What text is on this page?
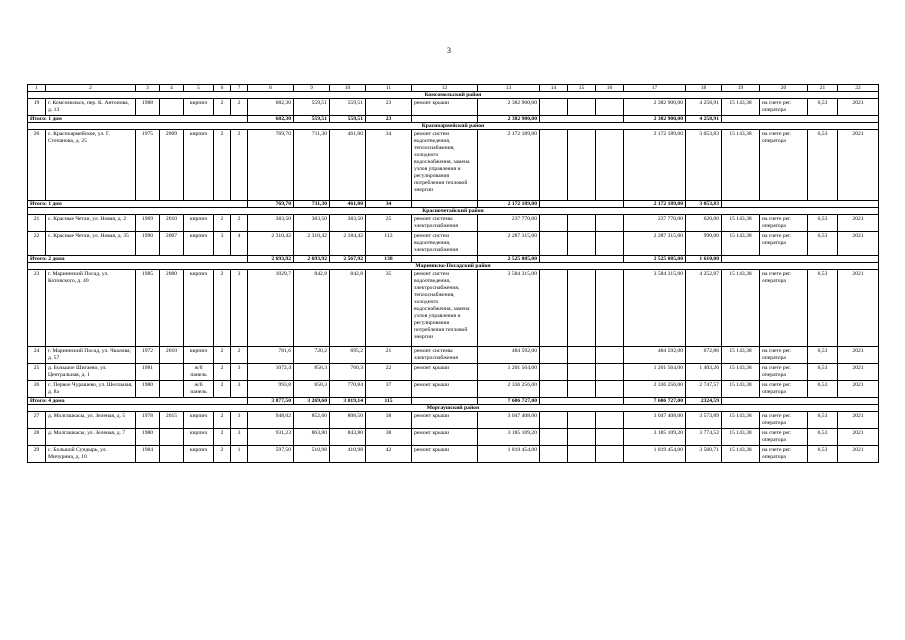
3
1	2	3	4	5	6	7	8	9	10	11	12	13	14	15	16	17	18	19	20	21	22
Комсомольский район																					
19	г. Комсомольск, пер. К. Антонова, д. 13	1988		кирпич	2	2	682,30	559,51	559,51	23	ремонт крыши	2 382 900,00				2 382 900,00	4 258,91	15 143,38	на счете рег. оператора	6,53	2021
Итого: 1 дом							682,30	559,51	559,51	23		2 382 900,00				2 382 900,00	4 258,91				
Красноармейский район																					
20	с. Красноармейское, ул. Г. Степанова, д. 25	1975	2009	кирпич	2	2	769,70	711,30	461,00	34	ремонт систем водоотведения, теплоснабжения, холодного водоснабжения, замена узлов управления и регулирования потребления тепловой энергии	2 172 189,00				2 172 189,00	3 053,83	15 143,38	на счете рег. оператора	6,53	2021
Итого: 1 дом							769,70	711,30	461,00	34		2 172 189,00				2 172 189,00	3 053,83				
Красночетайский район																					
21	с. Красные Четаи, ул. Новая, д. 2	1969	2010	кирпич	2	2	383,50	383,50	383,50	25	ремонт системы электроснабжения	237 770,00				237 770,00	620,00	15 143,38	на счете рег. оператора	6,53	2021
22	с. Красные Четаи, ул. Новая, д. 35	1990	2007	кирпич	3	4	2 310,42	2 310,42	2 184,42	113	ремонт систем водоотведения, электроснабжения	2 287 315,00				2 287 315,00	990,00	15 143,38	на счете рег. оператора	6,53	2021
Итого: 2 дома							2 693,92	2 693,92	2 567,92	138		2 525 085,00				2 525 085,00	1 610,00				
Мариинско-Посадский район																					
23	г. Мариинский Посад, ул. Котовского, д. 40	1985	2000	кирпич	2	3	1029,7	842,8	842,8	35	ремонт систем водоотведения, электроснабжения, теплоснабжения, холодного водоснабжения, замена узлов управления и регулирования потребления тепловой энергии	3 584 315,00				3 584 315,00	4 252,87	15 143,38	на счете рег. оператора	6,53	2021
24	г. Мариинский Посад, ул. Чкалова, д. 57	1972	2010	кирпич	2	2	781,6	720,2	695,2	21	ремонт системы электроснабжения	484 592,00				484 592,00	672,86	15 143,38	на счете рег. оператора	6,53	2021
25	д. Большое Шигаево, ул. Центральная, д. 1	1981		ж/б панель	2	3	1072,4	856,3	760,3	22	ремонт крыши	1 201 564,00				1 201 564,00	1 403,26	15 143,38	на счете рег. оператора	6,53	2021
26	с. Первое Чурашево, ул. Шелльная, д. 8а	1980		ж/б панель	2	3	993,8	850,3	770,84	37	ремонт крыши	2 336 256,00				2 336 256,00	2 747,57	15 143,38	на счете рег. оператора	6,53	2021
Итого: 4 дома							3 877,50	3 269,60	3 019,14	115		7 606 727,00				7 606 727,00	2324,59				
Моргаушский район																					
27	д. Молгашкасы, ул. Зеленая, д. 5	1978	2015	кирпич	2	3	948,02	852,60	808,50	38	ремонт крыши	3 047 408,00				3 047 408,00	3 573,89	15 143,38	на счете рег. оператора	6,53	2021
28	д. Молгашкасы, ул. Зеленая, д. 7	1980		кирпич	2	3	931,23	863,80	843,80	38	ремонт крыши	3 185 109,20				3 185 109,20	3 774,52	15 143,38	на счете рег. оператора	6,53	2021
29	с. Большой Сундырь, ул. Мичурина, д. 10	1984		кирпич	2	1	597,50	510,98	410,98	42	ремонт крыши	1 819 454,00				1 819 454,00	3 560,71	15 143,38	на счете рег. оператора	6,53	2021
